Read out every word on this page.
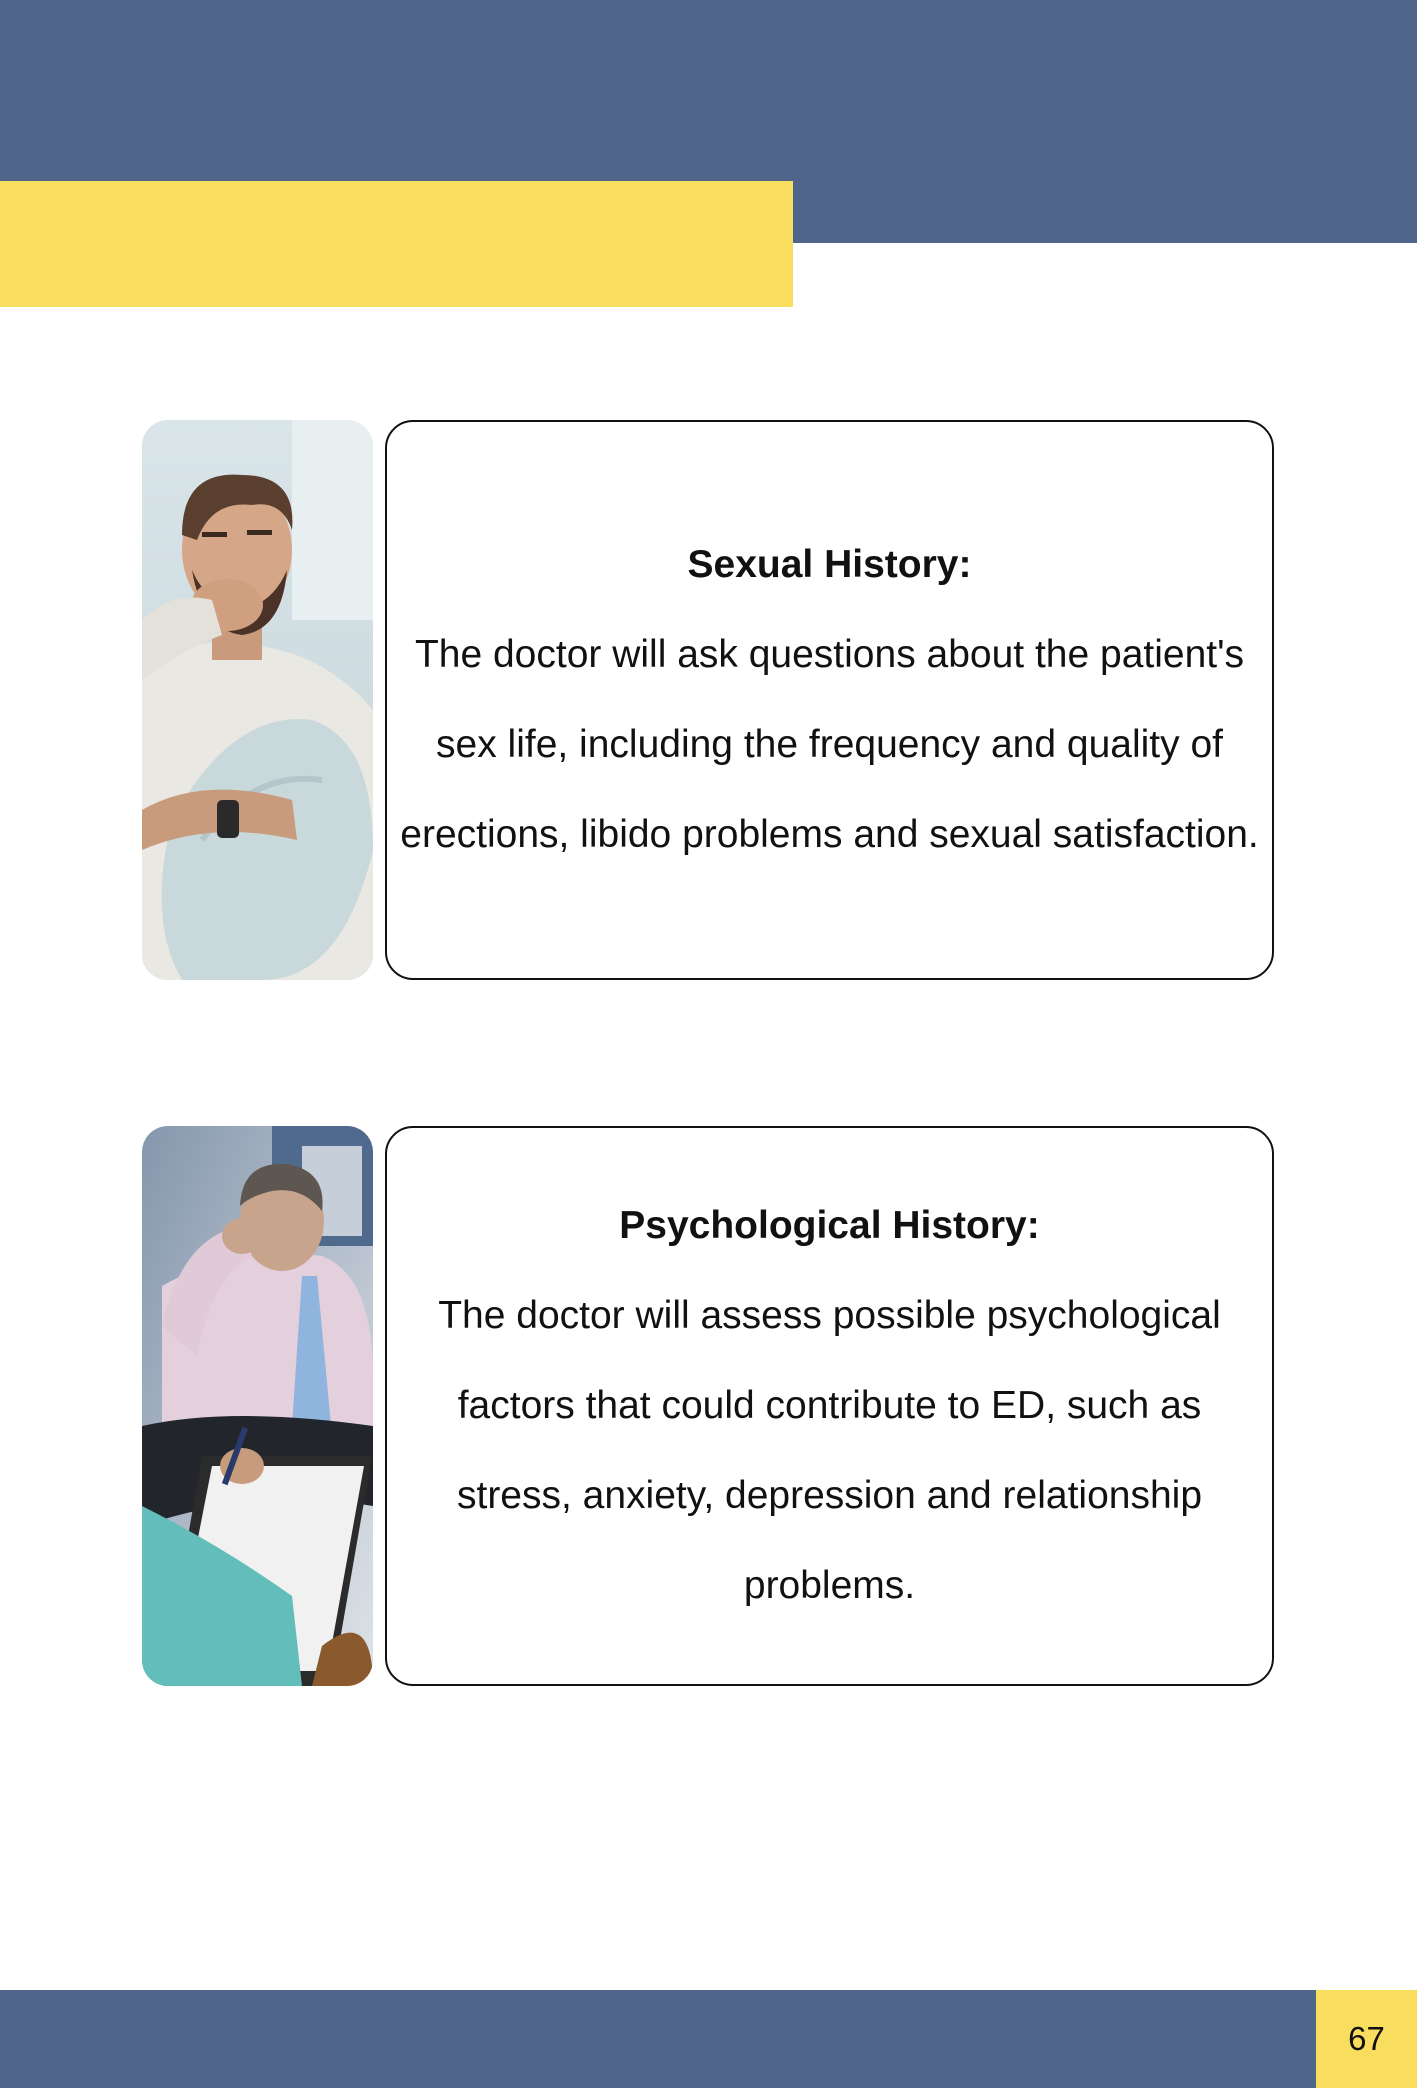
Sexual History:

The doctor will ask questions about the patient's sex life, including the frequency and quality of erections, libido problems and sexual satisfaction.

Psychological History:

The doctor will assess possible psychological factors that could contribute to ED, such as stress, anxiety, depression and relationship problems.

67
